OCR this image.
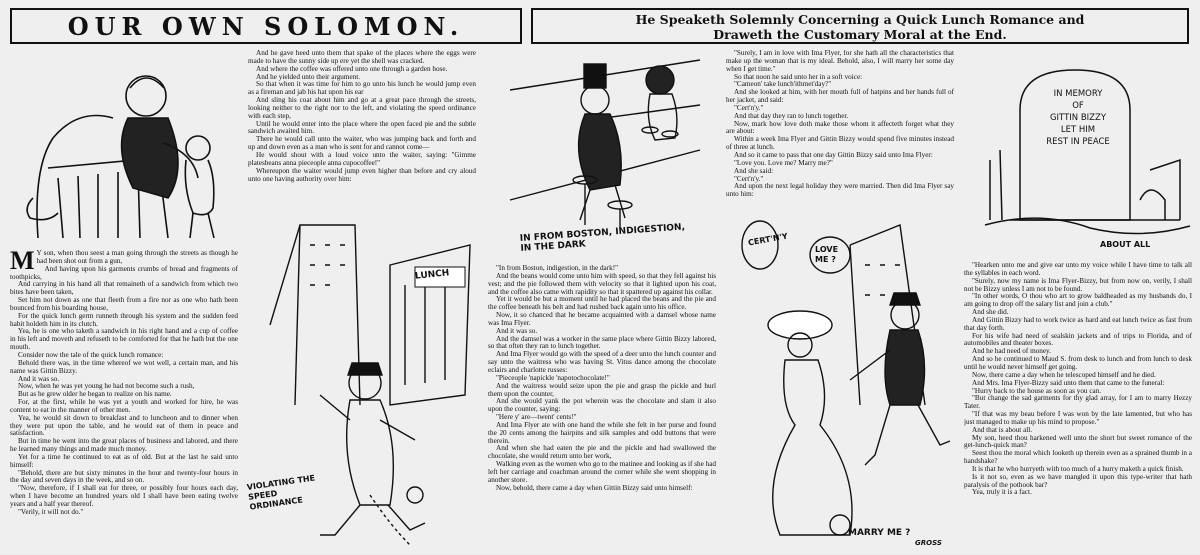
OUR OWN SOLOMON.	He Speaketh Solemnly Concerning a Quick Lunch Romance and
Draweth the Customary Moral at the End.

M Y son, when thou seest a man going through the streets as though he had been shot out from a gun,

And having upon his garments crumbs of bread and fragments of toothpicks,

And carrying in his hand all that remaineth of a sandwich from which two bites have been taken,

Set him not down as one that fleeth from a fire nor as one who hath been bounced from his boarding house,

For the quick lunch germ runneth through his system and the sudden feed habit holdeth him in its clutch.

Yea, he is one who taketh a sandwich in his right hand and a cup of coffee in his left and moveth and refuseth to be comforted for that he hath but the one mouth.

Consider now the tale of the quick lunch romance:

Behold there was, in the time whereof we wot well, a certain man, and his name was Gittin Bizzy.

And it was so.

Now, when he was yet young he had not become such a rush,

But as he grew older he began to realize on his name.

For, at the first, while he was yet a youth and worked for hire, he was content to eat in the manner of other men.

Yea, he would sit down to breakfast and to luncheon and to dinner when they were put upon the table, and he would eat of them in peace and satisfaction.

But in time he went into the great places of business and labored, and there he learned many things and made much money.

Yet for a time he continued to eat as of old. But at the last he said unto himself:

"Behold, there are but sixty minutes in the hour and twenty-four hours in the day and seven days in the week, and so on.

"Now, therefore, if I shall eat for three, or possibly four hours each day, when I have become an hundred years old I shall have been eating twelve years and a half year thereof.

"Verily, it will not do."

And he gave heed unto them that spake of the places where the eggs were made to have the sunny side up ere yet the shell was cracked.

And where the coffee was offered unto one through a garden hose.

And he yielded unto their argument.

So that when it was time for him to go unto his lunch he would jump even as a fireman and jab his hat upon his ear

And sling his coat about him and go at a great pace through the streets, looking neither to the right nor to the left, and violating the speed ordinance with each step,

Until he would enter into the place where the open faced pie and the subtle sandwich awaited him.

There he would call unto the waiter, who was jumping back and forth and up and down even as a man who is sent for and cannot come—

He would shout with a loud voice unto the waiter, saying: "Gimme platesbeans anna pieceople anna cupocoffee!"

Whereupon the waiter would jump even higher than before and cry aloud unto one having authority over him:

LUNCH
VIOLATING THE SPEED ORDINANCE
IN FROM BOSTON, INDIGESTION, IN THE DARK

"In from Boston, indigestion, in the dark!"

And the beans would come unto him with speed, so that they fell against his vest; and the pie followed them with velocity so that it lighted upon his coat, and the coffee also came with rapidity so that it spattered up against his collar.

Yet it would be but a moment until he had placed the beans and the pie and the coffee beneath his belt and had rushed back again unto his office.

Now, it so chanced that he became acquainted with a damsel whose name was Ima Flyer.

And it was so.

And the damsel was a worker in the same place where Gittin Bizzy labored, so that often they ran to lunch together.

And Ima Flyer would go with the speed of a deer unto the lunch counter and say unto the waitress who was having St. Vitus dance among the chocolate eclairs and charlotte russes:

"Pieceople 'napickle 'napotochocolate!"

And the waitress would seize upon the pie and grasp the pickle and hurl them upon the counter,

And she would yank the pot wherein was the chocolate and slam it also upon the counter, saying:

"Here y' are—twent' cents!"

And Ima Flyer ate with one hand the while she felt in her purse and found the 20 cents among the hairpins and silk samples and odd buttons that were therein.

And when she had eaten the pie and the pickle and had swallowed the chocolate, she would return unto her work,

Walking even as the women who go to the matinee and looking as if she had left her carriage and coachman around the corner while she went shopping in another store.

Now, behold, there came a day when Gittin Bizzy said unto himself:

"Surely, I am in love with Ima Flyer, for she hath all the characteristics that make up the woman that is my ideal. Behold, also, I will marry her some day when I get time."

So that noon he said unto her in a soft voice:

"Cameon' take lunch'ithmet'day?"

And she looked at him, with her mouth full of hatpins and her hands full of her jacket, and said:

"Cert'n'y."

And that day they ran to lunch together.

Now, mark how love doth make those whom it affecteth forget what they are about:

Within a week Ima Flyer and Gittin Bizzy would spend five minutes instead of three at lunch.

And so it came to pass that one day Gittin Bizzy said unto Ima Flyer:

"Love you. Love me? Marry me?"

And she said:

"Cert'n'y."

And upon the next legal holiday they were married. Then did Ima Flyer say unto him:

CERT'N'Y
LOVE ME ?
MARRY ME ?
GROSS
IN MEMORY
OF
GITTIN BIZZY
LET HIM
REST IN PEACE
ABOUT ALL

"Hearken unto me and give ear unto my voice while I have time to talk all the syllables in each word.

"Surely, now my name is Ima Flyer-Bizzy, but from now on, verily, I shall not be Bizzy unless I am not to be found.

"In other words, O thou who art to grow baldheaded as my husbands do, I am going to drop off the salary list and join a club."

And she did.

And Gittin Bizzy had to work twice as hard and eat lunch twice as fast from that day forth.

For his wife had need of sealskin jackets and of trips to Florida, and of automobiles and theater boxes.

And he had need of money.

And so he continued to Maud S. from desk to lunch and from lunch to desk until he would never himself get going.

Now, there came a day when he telescoped himself and he died.

And Mrs. Ima Flyer-Bizzy said unto them that came to the funeral:

"Hurry back to the house as soon as you can.

"But change the sad garments for thy glad array, for I am to marry Hezzy Tater.

"If that was my beau before I was won by the late lamented, but who has just managed to make up his mind to propose."

And that is about all.

My son, heed thou harkened well unto the short but sweet romance of the get-lunch-quick man?

Seest thou the moral which looketh up therein even as a sprained thumb in a handshake?

It is that he who hurryeth with too much of a hurry maketh a quick finish.

Is it not so, even as we have mangled it upon this type-writer that hath paralysis of the pothook bar?

Yea, truly it is a fact.
